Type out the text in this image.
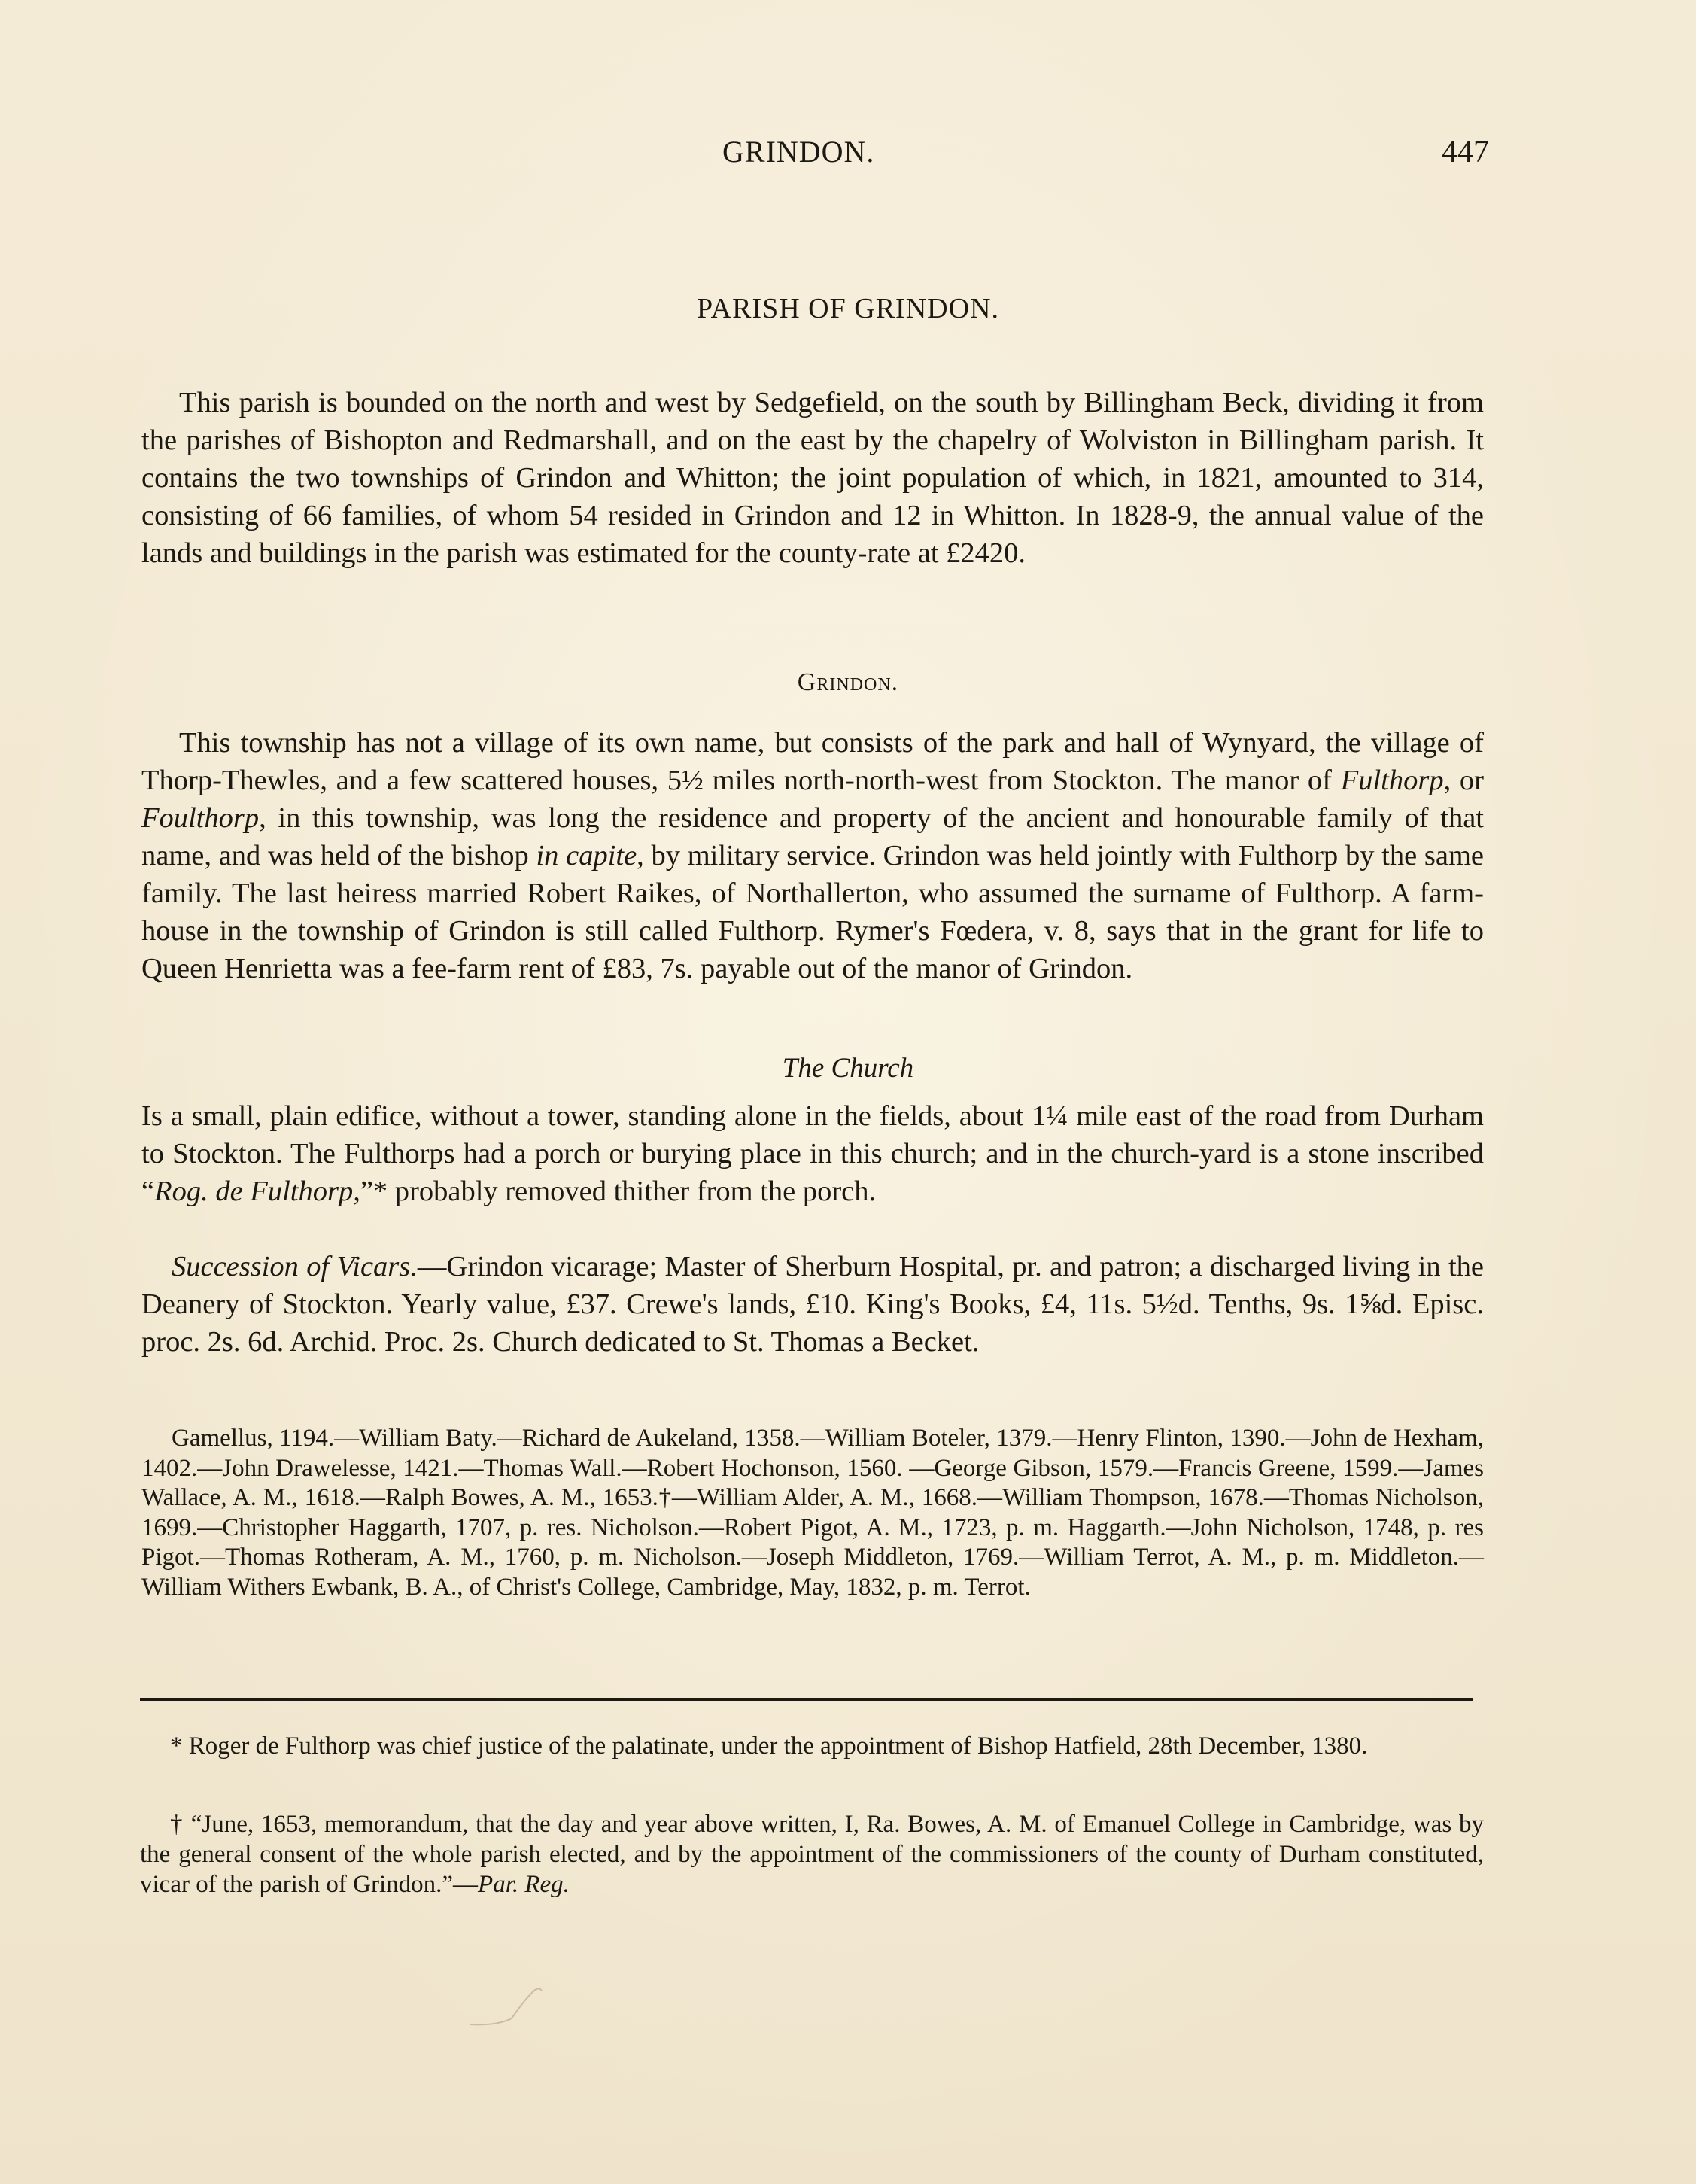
GRINDON.	447
PARISH OF GRINDON.

This parish is bounded on the north and west by Sedgefield, on the south by Billingham Beck, dividing it from the parishes of Bishopton and Redmarshall, and on the east by the chapelry of Wolviston in Billingham parish. It contains the two townships of Grindon and Whitton; the joint population of which, in 1821, amounted to 314, consisting of 66 families, of whom 54 resided in Grindon and 12 in Whitton. In 1828-9, the annual value of the lands and buildings in the parish was estimated for the county-rate at £2420.

Grindon.

This township has not a village of its own name, but consists of the park and hall of Wynyard, the village of Thorp-Thewles, and a few scattered houses, 5½ miles north-north-west from Stockton. The manor of Fulthorp, or Foulthorp, in this township, was long the residence and property of the ancient and honourable family of that name, and was held of the bishop in capite, by military service. Grindon was held jointly with Fulthorp by the same family. The last heiress married Robert Raikes, of Northallerton, who assumed the surname of Fulthorp. A farm-house in the township of Grindon is still called Fulthorp. Rymer's Fœdera, v. 8, says that in the grant for life to Queen Henrietta was a fee-farm rent of £83, 7s. payable out of the manor of Grindon.

The Church

Is a small, plain edifice, without a tower, standing alone in the fields, about 1¼ mile east of the road from Durham to Stockton. The Fulthorps had a porch or burying place in this church; and in the church-yard is a stone inscribed “Rog. de Fulthorp,”* probably removed thither from the porch.

Succession of Vicars.—Grindon vicarage; Master of Sherburn Hospital, pr. and patron; a discharged living in the Deanery of Stockton. Yearly value, £37. Crewe's lands, £10. King's Books, £4, 11s. 5½d. Tenths, 9s. 1⅝d. Episc. proc. 2s. 6d. Archid. Proc. 2s. Church dedicated to St. Thomas a Becket.

Gamellus, 1194.—William Baty.—Richard de Aukeland, 1358.—William Boteler, 1379.—Henry Flinton, 1390.—John de Hexham, 1402.—John Drawelesse, 1421.—Thomas Wall.—Robert Hochonson, 1560. —George Gibson, 1579.—Francis Greene, 1599.—James Wallace, A. M., 1618.—Ralph Bowes, A. M., 1653.†—William Alder, A. M., 1668.—William Thompson, 1678.—Thomas Nicholson, 1699.—Christopher Haggarth, 1707, p. res. Nicholson.—Robert Pigot, A. M., 1723, p. m. Haggarth.—John Nicholson, 1748, p. res Pigot.—Thomas Rotheram, A. M., 1760, p. m. Nicholson.—Joseph Middleton, 1769.—William Terrot, A. M., p. m. Middleton.—William Withers Ewbank, B. A., of Christ's College, Cambridge, May, 1832, p. m. Terrot.

* Roger de Fulthorp was chief justice of the palatinate, under the appointment of Bishop Hatfield, 28th December, 1380.

† “June, 1653, memorandum, that the day and year above written, I, Ra. Bowes, A. M. of Emanuel College in Cambridge, was by the general consent of the whole parish elected, and by the appointment of the commissioners of the county of Durham constituted, vicar of the parish of Grindon.”—Par. Reg.
